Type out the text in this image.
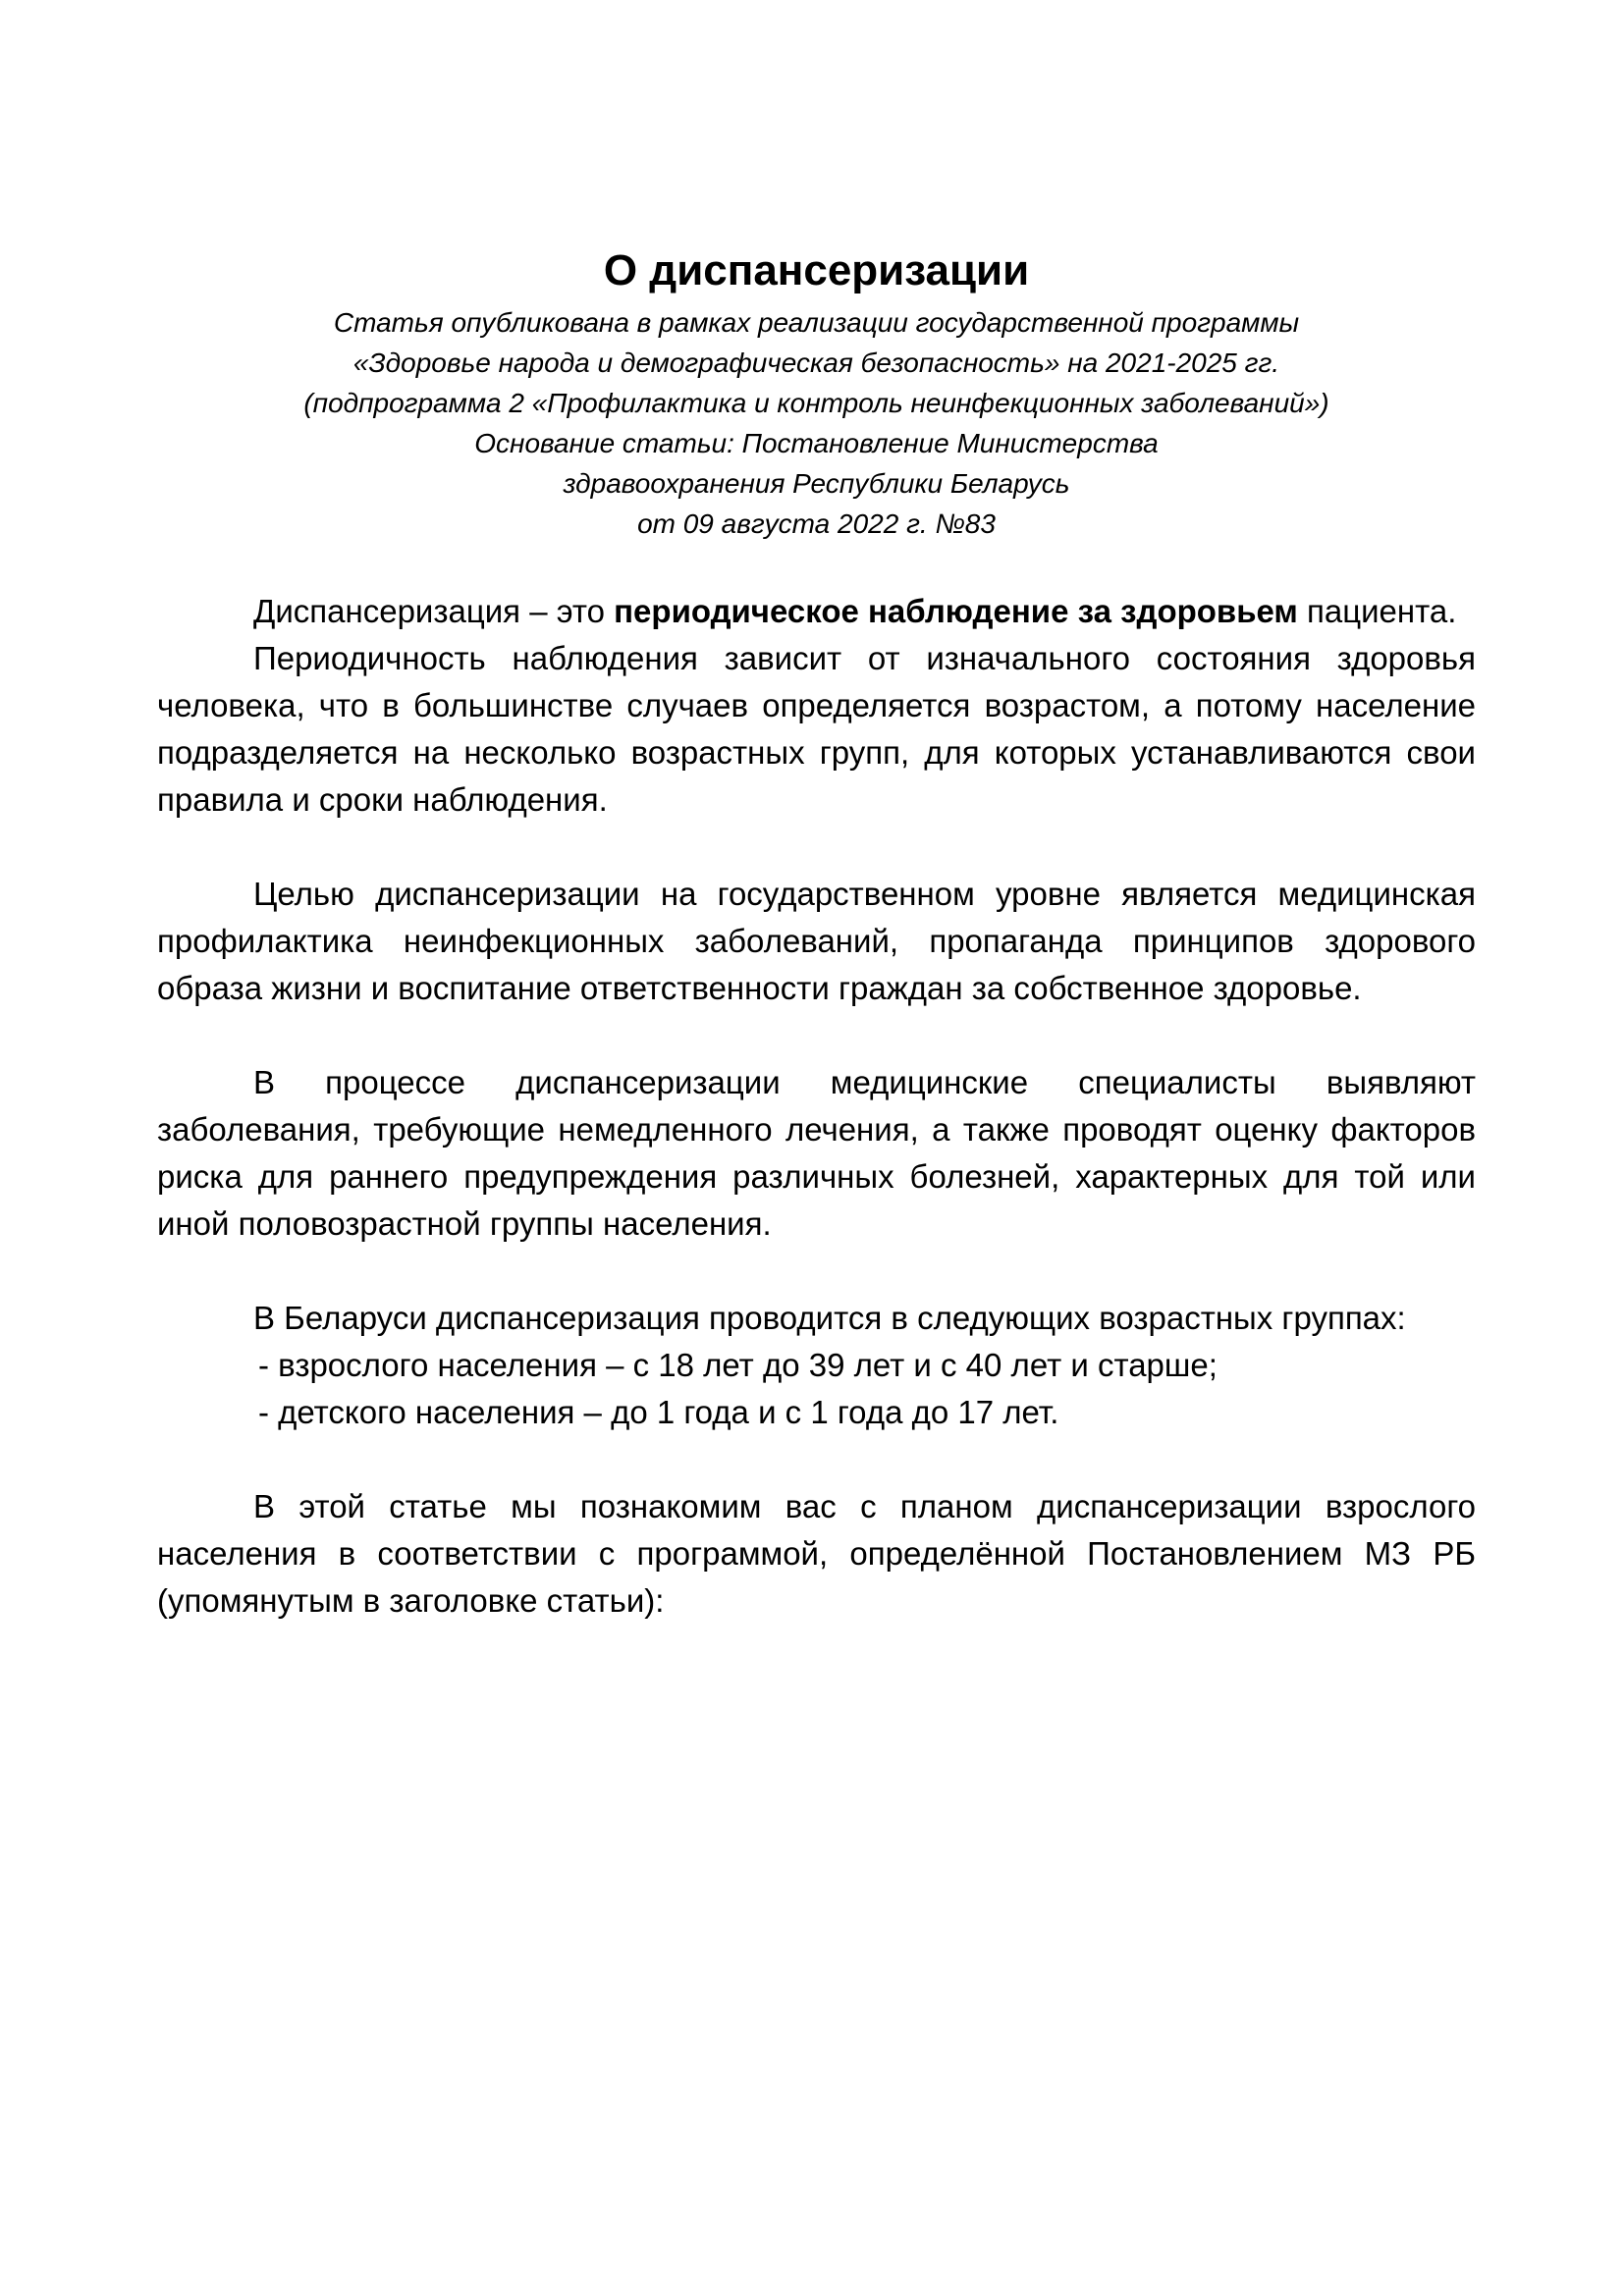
О диспансеризации
Статья опубликована в рамках реализации государственной программы
«Здоровье народа и демографическая безопасность» на 2021-2025 гг.
(подпрограмма 2 «Профилактика и контроль неинфекционных заболеваний»)
Основание статьи: Постановление Министерства
здравоохранения Республики Беларусь
от 09 августа 2022 г. №83

Диспансеризация – это периодическое наблюдение за здоровьем пациента.

Периодичность наблюдения зависит от изначального состояния здоровья человека, что в большинстве случаев определяется возрастом, а потому население подразделяется на несколько возрастных групп, для которых устанавливаются свои правила и сроки наблюдения.

Целью диспансеризации на государственном уровне является медицинская профилактика неинфекционных заболеваний, пропаганда принципов здорового образа жизни и воспитание ответственности граждан за собственное здоровье.

В процессе диспансеризации медицинские специалисты выявляют заболевания, требующие немедленного лечения, а также проводят оценку факторов риска для раннего предупреждения различных болезней, характерных для той или иной половозрастной группы населения.

В Беларуси диспансеризация проводится в следующих возрастных группах:

- взрослого населения – с 18 лет до 39 лет и с 40 лет и старше;

- детского населения – до 1 года и с 1 года до 17 лет.

В этой статье мы познакомим вас с планом диспансеризации взрослого населения в соответствии с программой, определённой Постановлением МЗ РБ (упомянутым в заголовке статьи):
